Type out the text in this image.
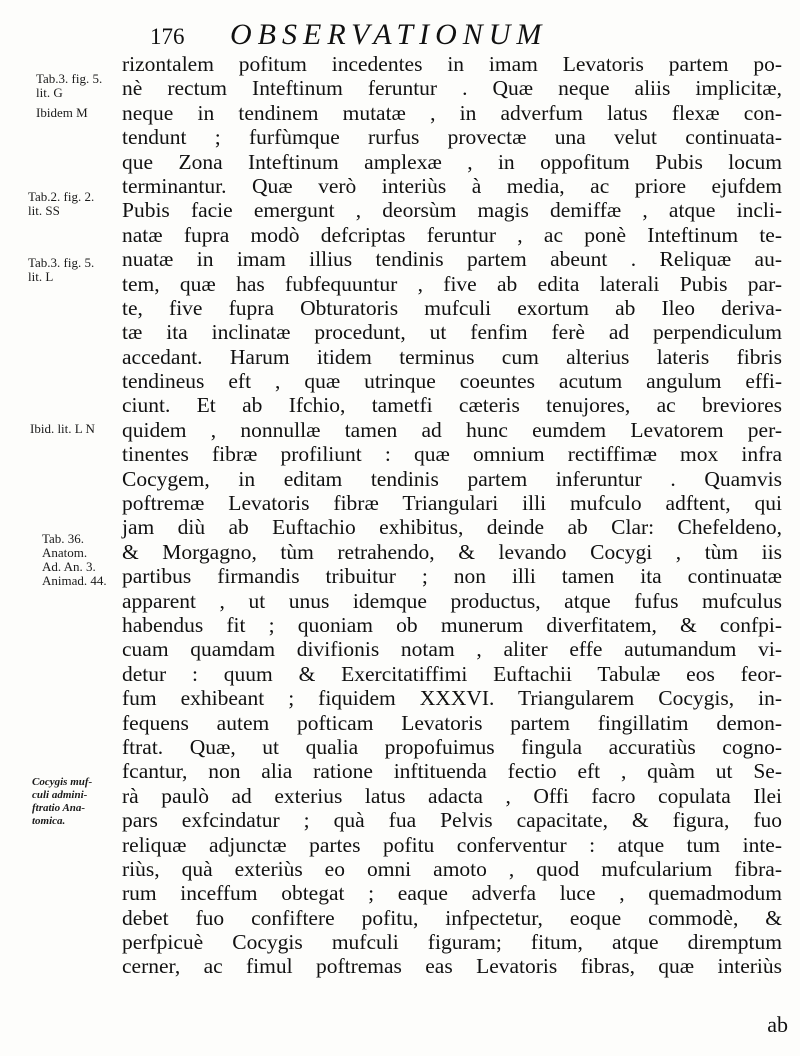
176 OBSERVATIONUM
Tab.3. fig. 5.
lit. G
Ibidem M
Tab.2. fig. 2.
lit. SS
Tab.3. fig. 5.
lit. L
Ibid. lit. L N
Tab. 36.
Anatom.
Ad. An. 3.
Animad. 44.
Cocygis muf-
culi admini-
ftratio Ana-
tomica.
rizontalem pofitum incedentes in imam Levatoris partem po-
nè rectum Inteftinum feruntur . Quæ neque aliis implicitæ,
neque in tendinem mutatæ , in adverfum latus flexæ con-
tendunt ; furfùmque rurfus provectæ una velut continuata-
que Zona Inteftinum amplexæ , in oppofitum Pubis locum
terminantur. Quæ verò interiùs à media, ac priore ejufdem
Pubis facie emergunt , deorsùm magis demiffæ , atque incli-
natæ fupra modò defcriptas feruntur , ac ponè Inteftinum te-
nuatæ in imam illius tendinis partem abeunt . Reliquæ au-
tem, quæ has fubfequuntur , five ab edita laterali Pubis par-
te, five fupra Obturatoris mufculi exortum ab Ileo deriva-
tæ ita inclinatæ procedunt, ut fenfim ferè ad perpendiculum
accedant. Harum itidem terminus cum alterius lateris fibris
tendineus eft , quæ utrinque coeuntes acutum angulum effi-
ciunt. Et ab Ifchio, tametfi cæteris tenujores, ac breviores
quidem , nonnullæ tamen ad hunc eumdem Levatorem per-
tinentes fibræ profiliunt : quæ omnium rectiffimæ mox infra
Cocygem, in editam tendinis partem inferuntur . Quamvis
poftremæ Levatoris fibræ Triangulari illi mufculo adftent, qui
jam diù ab Euftachio exhibitus, deinde ab Clar: Chefeldeno,
& Morgagno, tùm retrahendo, & levando Cocygi , tùm iis
partibus firmandis tribuitur ; non illi tamen ita continuatæ
apparent , ut unus idemque productus, atque fufus mufculus
habendus fit ; quoniam ob munerum diverfitatem, & confpi-
cuam quamdam divifionis notam , aliter effe autumandum vi-
detur : quum & Exercitatiffimi Euftachii Tabulæ eos feor-
fum exhibeant ; fiquidem XXXVI. Triangularem Cocygis, in-
fequens autem pofticam Levatoris partem fingillatim demon-
ftrat. Quæ, ut qualia propofuimus fingula accuratiùs cogno-
fcantur, non alia ratione inftituenda fectio eft , quàm ut Se-
rà paulò ad exterius latus adacta , Offi facro copulata Ilei
pars exfcindatur ; quà fua Pelvis capacitate, & figura, fuo
reliquæ adjunctæ partes pofitu conferventur : atque tum inte-
riùs, quà exteriùs eo omni amoto , quod mufcularium fibra-
rum inceffum obtegat ; eaque adverfa luce , quemadmodum
debet fuo confiftere pofitu, infpectetur, eoque commodè, &
perfpicuè Cocygis mufculi figuram; fitum, atque diremptum
cerner, ac fimul poftremas eas Levatoris fibras, quæ interiùs
ab
